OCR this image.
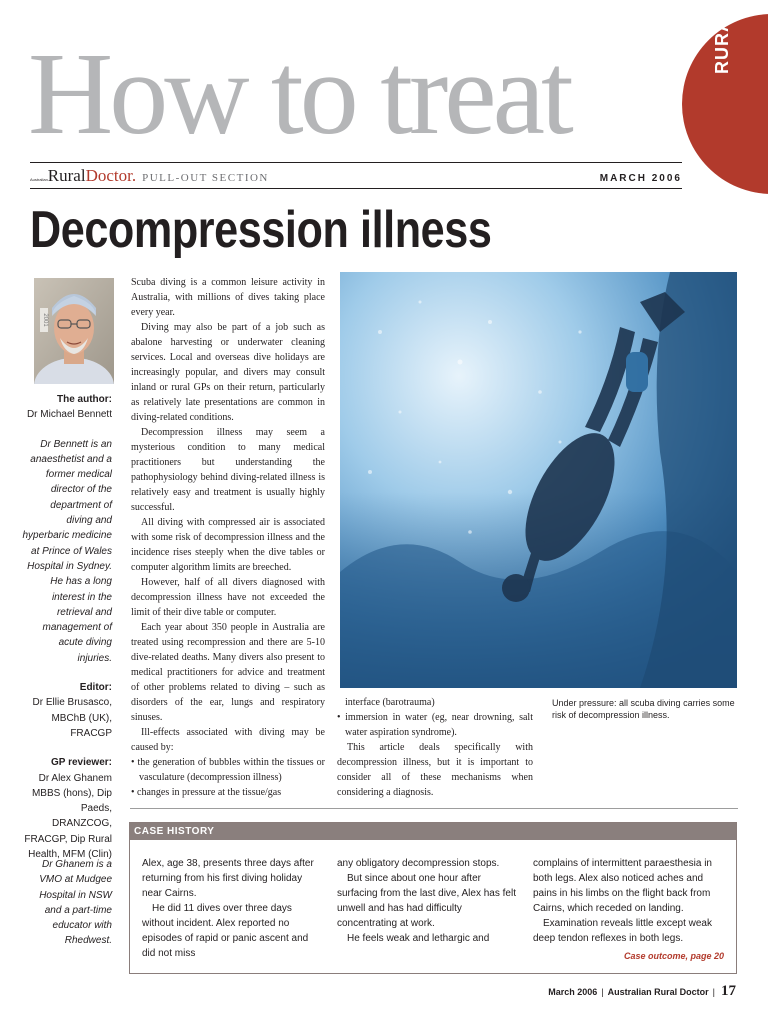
How to treat	RURAL
Australian Rural Doctor. PULL-OUT SECTION	MARCH 2006
Decompression illness
2001
The author:
Dr Michael Bennett
Dr Bennett is an anaesthetist and a former medical director of the department of diving and hyperbaric medicine at Prince of Wales Hospital in Sydney. He has a long interest in the retrieval and management of acute diving injuries.
Editor:
Dr Ellie Brusasco, MBChB (UK), FRACGP
GP reviewer:
Dr Alex Ghanem MBBS (hons), Dip Paeds, DRANZCOG, FRACGP, Dip Rural Health, MFM (Clin)
Dr Ghanem is a VMO at Mudgee Hospital in NSW and a part-time educator with Rhedwest.

Scuba diving is a common leisure activity in Australia, with millions of dives taking place every year.

Diving may also be part of a job such as abalone harvesting or underwater cleaning services. Local and overseas dive holidays are increasingly popular, and divers may consult inland or rural GPs on their return, particularly as relatively late presentations are common in diving-related conditions.

Decompression illness may seem a mysterious condition to many medical practitioners but understanding the pathophysiology behind diving-related illness is relatively easy and treatment is usually highly successful.

All diving with compressed air is associated with some risk of decompression illness and the incidence rises steeply when the dive tables or computer algorithm limits are breeched.

However, half of all divers diagnosed with decompression illness have not exceeded the limit of their dive table or computer.

Each year about 350 people in Australia are treated using recompression and there are 5-10 dive-related deaths. Many divers also present to medical practitioners for advice and treatment of other problems related to diving – such as disorders of the ear, lungs and respiratory sinuses.

Ill-effects associated with diving may be caused by:

• the generation of bubbles within the tissues or vasculature (decompression illness)
• changes in pressure at the tissue/gas
Under pressure: all scuba diving carries some risk of decompression illness.

interface (barotrauma)

• immersion in water (eg, near drowning, salt water aspiration syndrome).

This article deals specifically with decompression illness, but it is important to consider all of these mechanisms when considering a diagnosis.

CASE HISTORY

Alex, age 38, presents three days after returning from his first diving holiday near Cairns.

He did 11 dives over three days without incident. Alex reported no episodes of rapid or panic ascent and did not miss

any obligatory decompression stops.

But since about one hour after surfacing from the last dive, Alex has felt unwell and has had difficulty concentrating at work.

He feels weak and lethargic and

complains of intermittent paraesthesia in both legs. Alex also noticed aches and pains in his limbs on the flight back from Cairns, which receded on landing.

Examination reveals little except weak deep tendon reflexes in both legs.

Case outcome, page 20
March 2006 | Australian Rural Doctor | 17
